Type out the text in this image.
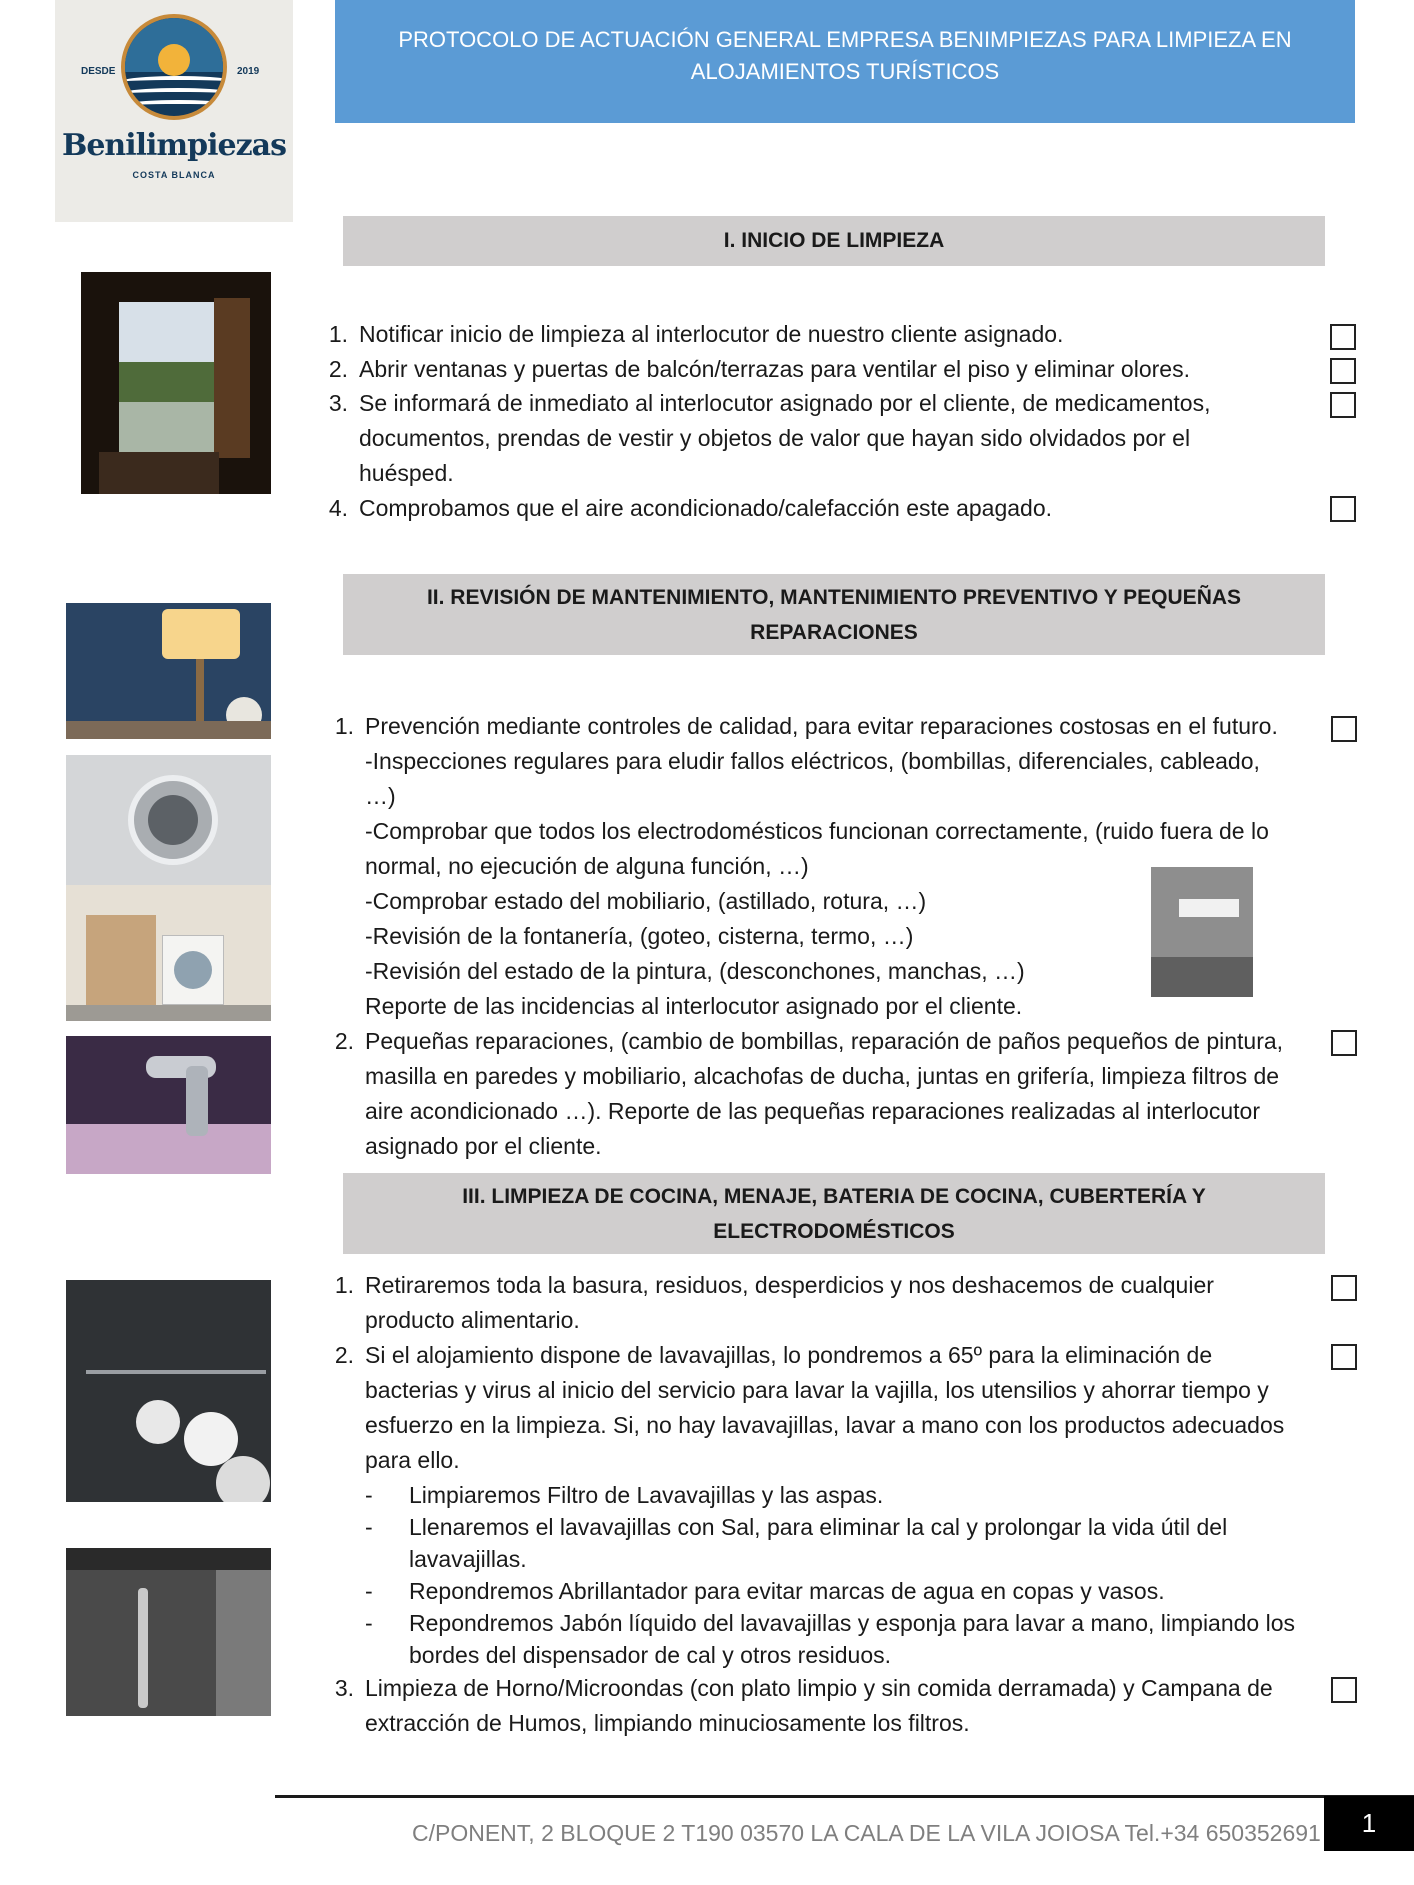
DESDE	2019
Benilimpiezas
COSTA BLANCA
PROTOCOLO DE ACTUACIÓN GENERAL EMPRESA BENIMPIEZAS PARA LIMPIEZA EN
ALOJAMIENTOS TURÍSTICOS
I. INICIO DE LIMPIEZA
1. Notificar inicio de limpieza al interlocutor de nuestro cliente asignado.
2. Abrir ventanas y puertas de balcón/terrazas para ventilar el piso y eliminar olores.
3. Se informará de inmediato al interlocutor asignado por el cliente, de medicamentos,
documentos, prendas de vestir y objetos de valor que hayan sido olvidados por el
huésped.
4. Comprobamos que el aire acondicionado/calefacción este apagado.
II. REVISIÓN DE MANTENIMIENTO, MANTENIMIENTO PREVENTIVO Y PEQUEÑAS
REPARACIONES
1. Prevención mediante controles de calidad, para evitar reparaciones costosas en el futuro.
-Inspecciones regulares para eludir fallos eléctricos, (bombillas, diferenciales, cableado,
…)
-Comprobar que todos los electrodomésticos funcionan correctamente, (ruido fuera de lo
normal, no ejecución de alguna función, …)
-Comprobar estado del mobiliario, (astillado, rotura, …)
-Revisión de la fontanería, (goteo, cisterna, termo, …)
-Revisión del estado de la pintura, (desconchones, manchas, …)
Reporte de las incidencias al interlocutor asignado por el cliente.
2. Pequeñas reparaciones, (cambio de bombillas, reparación de paños pequeños de pintura,
masilla en paredes y mobiliario, alcachofas de ducha, juntas en grifería, limpieza filtros de
aire acondicionado …). Reporte de las pequeñas reparaciones realizadas al interlocutor
asignado por el cliente.
III. LIMPIEZA DE COCINA, MENAJE, BATERIA DE COCINA, CUBERTERÍA Y
ELECTRODOMÉSTICOS
1. Retiraremos toda la basura, residuos, desperdicios y nos deshacemos de cualquier
producto alimentario.
2. Si el alojamiento dispone de lavavajillas, lo pondremos a 65º para la eliminación de
bacterias y virus al inicio del servicio para lavar la vajilla, los utensilios y ahorrar tiempo y
esfuerzo en la limpieza. Si, no hay lavavajillas, lavar a mano con los productos adecuados
para ello.
- Limpiaremos Filtro de Lavavajillas y las aspas.
- Llenaremos el lavavajillas con Sal, para eliminar la cal y prolongar la vida útil del
lavavajillas.
- Repondremos Abrillantador para evitar marcas de agua en copas y vasos.
- Repondremos Jabón líquido del lavavajillas y esponja para lavar a mano, limpiando los
bordes del dispensador de cal y otros residuos.
3. Limpieza de Horno/Microondas (con plato limpio y sin comida derramada) y Campana de
extracción de Humos, limpiando minuciosamente los filtros.
C/PONENT, 2 BLOQUE 2 T190 03570 LA CALA DE LA VILA JOIOSA Tel.+34 650352691	1
